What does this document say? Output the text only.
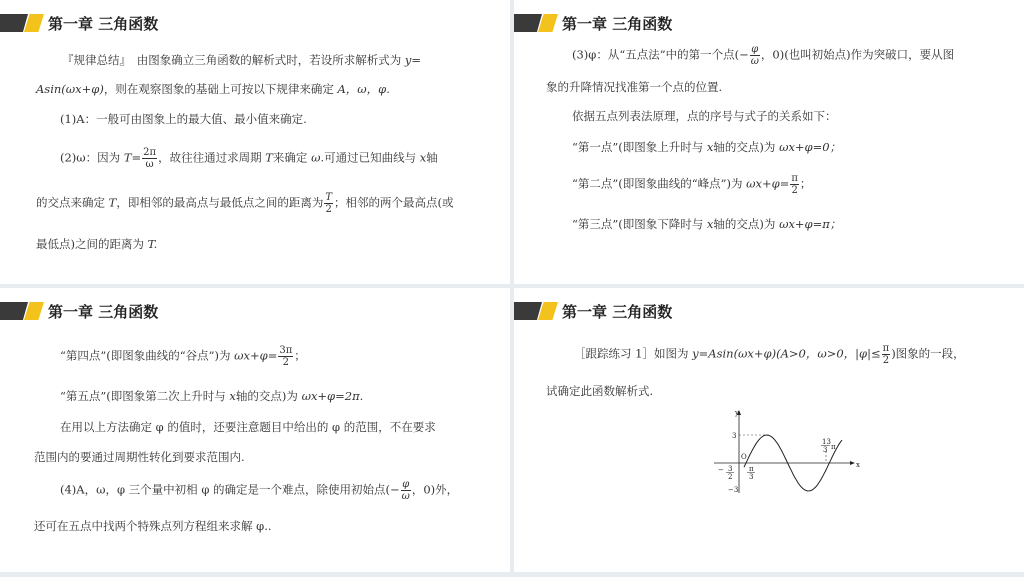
第一章 三角函数
『规律总结』　由图象确立三角函数的解析式时，若设所求解析式为 y=
Asin(ωx+φ)，则在观察图象的基础上可按以下规律来确定 A，ω，φ.
(1)A：一般可由图象上的最大值、最小值来确定.
(2)ω：因为 $T= \frac{2\pi}{\omega}$ ，故往往通过求周期 T来确定 ω.可通过已知曲线与 x轴
的交点来确定 T，即相邻的最高点与最低点之间的距离为 $\frac{T}{2}$ ；相邻的两个最高点(或
最低点)之间的距离为 T.
第一章 三角函数
(3)φ：从“五点法”中的第一个点(− $\frac{\varphi}{\omega}$ ，0)(也叫初始点)作为突破口，要从图
象的升降情况找准第一个点的位置.
依据五点列表法原理，点的序号与式子的关系如下：
“第一点”(即图象上升时与 x轴的交点)为 ωx+φ=0；
“第二点”(即图象曲线的“峰点”)为 $\omega x+\varphi= \frac{\pi}{2}$ ；
“第三点”(即图象下降时与 x轴的交点)为 ωx+φ=π；
第一章 三角函数
“第四点”(即图象曲线的“谷点”)为 $\omega x+\varphi= \frac{3\pi}{2}$ ；
“第五点”(即图象第二次上升时与 x轴的交点)为 ωx+φ=2π.
在用以上方法确定 φ 的值时，还要注意题目中给出的 φ 的范围，不在要求
范围内的要通过周期性转化到要求范围内.
(4)A，ω，φ 三个量中初相 φ 的确定是一个难点，除使用初始点(− $\frac{\varphi}{\omega}$ ，0)外，
还可在五点中找两个特殊点列方程组来求解 φ..
第一章 三角函数
［跟踪练习 1］如图为 y=Asin(ωx+φ)(A>0，ω>0，$|\varphi|\le \frac{\pi}{2}$ )图象的一段，
试确定此函数解析式.
y
x
O
3
−3
13
3 π
− 3
2
π
3
